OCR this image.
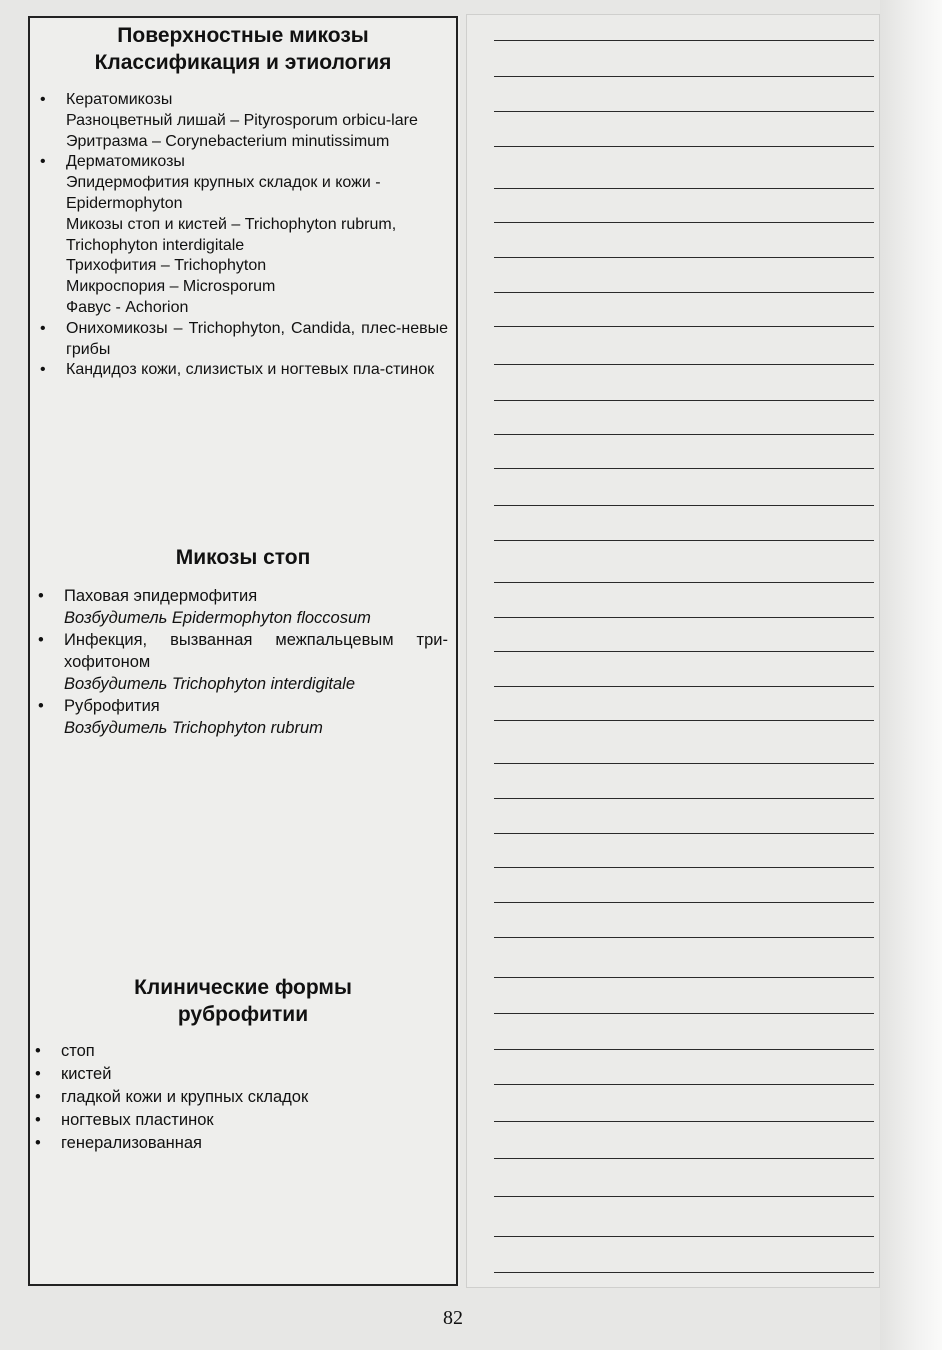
Поверхностные микозы
Классификация и этиология

• Кератомикозы
Разноцветный лишай – Pityrosporum orbicu-lare
Эритразма – Corynebacterium minutissimum
• Дерматомикозы
Эпидермофития крупных складок и кожи - Epidermophyton
Микозы стоп и кистей – Trichophyton rubrum, Trichophyton interdigitale
Трихофития – Trichophyton
Микроспория – Microsporum
Фавус - Achorion
• Онихомикозы – Trichophyton, Candida, плес-невые грибы
• Кандидоз кожи, слизистых и ногтевых пла-стинок

Микозы стоп

• Паховая эпидермофития
Возбудитель Epidermophyton floccosum
• Инфекция, вызванная межпальцевым три-хофитоном
Возбудитель Trichophyton interdigitale
• Руброфития
Возбудитель Trichophyton rubrum

Клинические формы
руброфитии

• стоп
• кистей
• гладкой кожи и крупных складок
• ногтевых пластинок
• генерализованная
82
